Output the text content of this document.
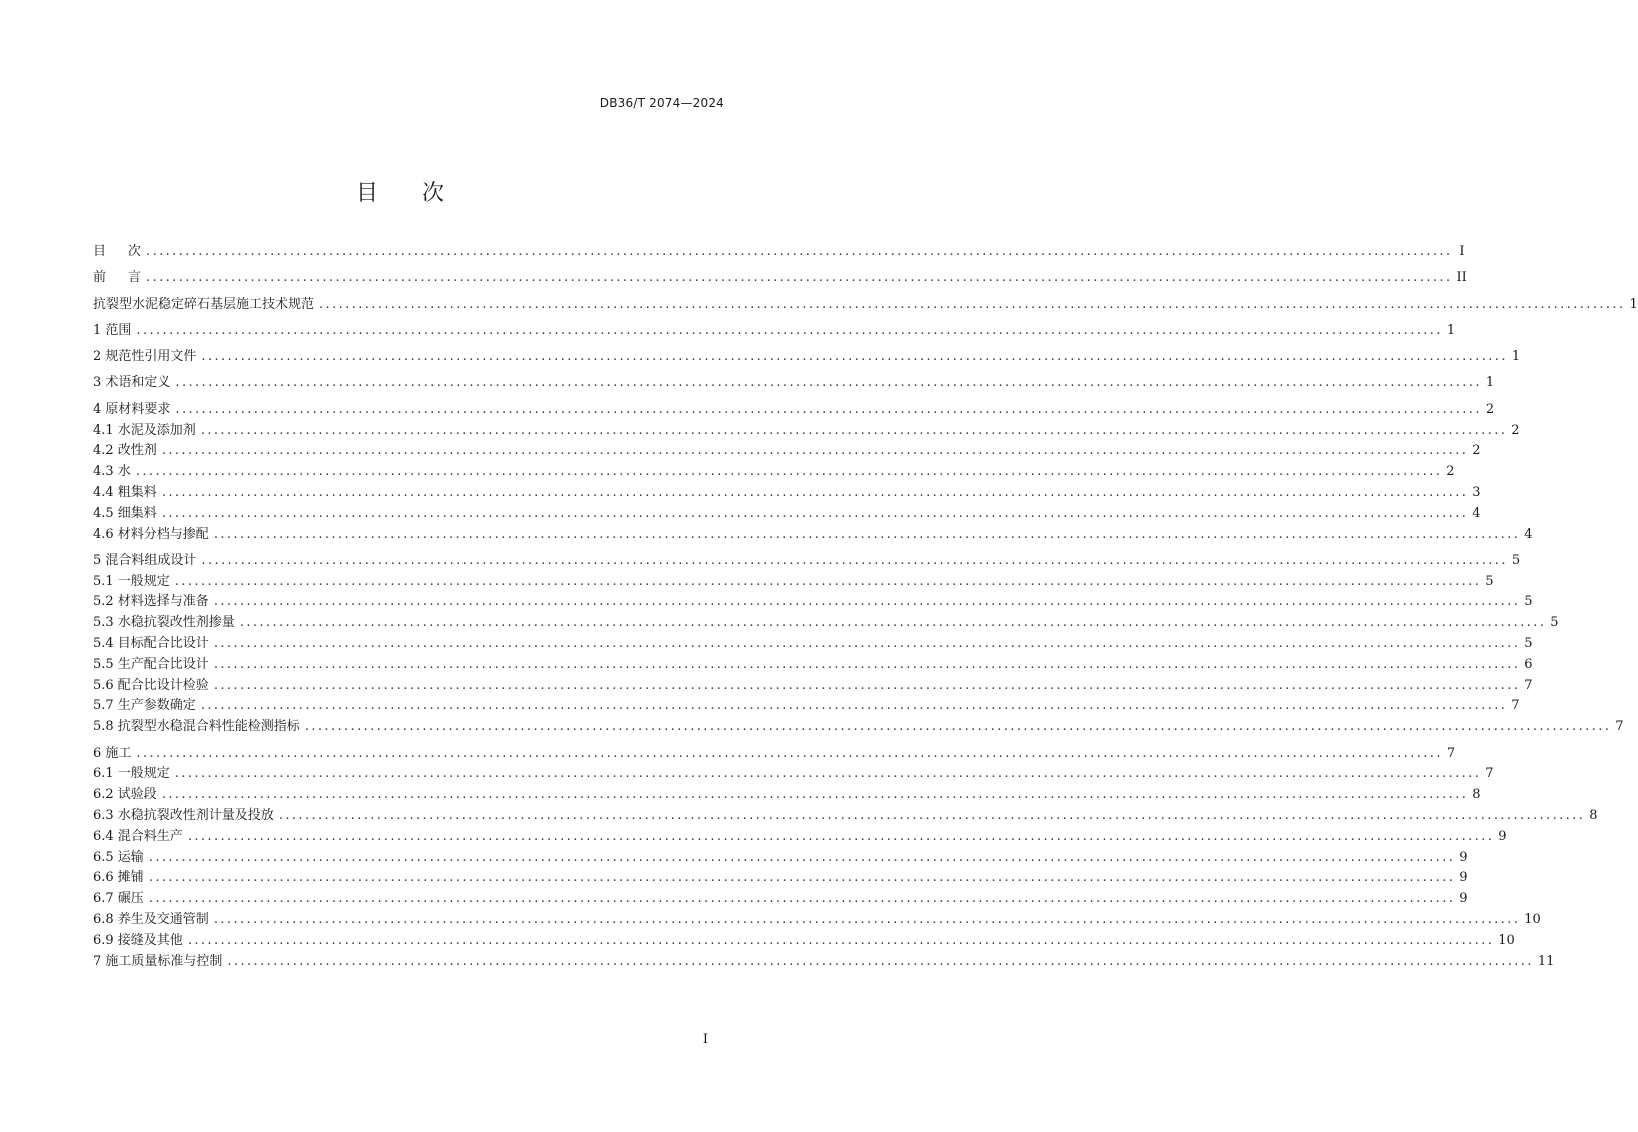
DB36/T 2074—2024
目 次
目 次 ........................................................................................................................................................................................................ I
前 言 ........................................................................................................................................................................................................ II
抗裂型水泥稳定碎石基层施工技术规范 ........................................................................................................................................................................................................ 1
1 范围 ........................................................................................................................................................................................................ 1
2 规范性引用文件 ........................................................................................................................................................................................................ 1
3 术语和定义 ........................................................................................................................................................................................................ 1
4 原材料要求 ........................................................................................................................................................................................................ 2
4.1 水泥及添加剂 ........................................................................................................................................................................................................ 2
4.2 改性剂 ........................................................................................................................................................................................................ 2
4.3 水 ........................................................................................................................................................................................................ 2
4.4 粗集料 ........................................................................................................................................................................................................ 3
4.5 细集料 ........................................................................................................................................................................................................ 4
4.6 材料分档与掺配 ........................................................................................................................................................................................................ 4
5 混合料组成设计 ........................................................................................................................................................................................................ 5
5.1 一般规定 ........................................................................................................................................................................................................ 5
5.2 材料选择与准备 ........................................................................................................................................................................................................ 5
5.3 水稳抗裂改性剂掺量 ........................................................................................................................................................................................................ 5
5.4 目标配合比设计 ........................................................................................................................................................................................................ 5
5.5 生产配合比设计 ........................................................................................................................................................................................................ 6
5.6 配合比设计检验 ........................................................................................................................................................................................................ 7
5.7 生产参数确定 ........................................................................................................................................................................................................ 7
5.8 抗裂型水稳混合料性能检测指标 ........................................................................................................................................................................................................ 7
6 施工 ........................................................................................................................................................................................................ 7
6.1 一般规定 ........................................................................................................................................................................................................ 7
6.2 试验段 ........................................................................................................................................................................................................ 8
6.3 水稳抗裂改性剂计量及投放 ........................................................................................................................................................................................................ 8
6.4 混合料生产 ........................................................................................................................................................................................................ 9
6.5 运输 ........................................................................................................................................................................................................ 9
6.6 摊铺 ........................................................................................................................................................................................................ 9
6.7 碾压 ........................................................................................................................................................................................................ 9
6.8 养生及交通管制 ........................................................................................................................................................................................................ 10
6.9 接缝及其他 ........................................................................................................................................................................................................ 10
7 施工质量标准与控制 ........................................................................................................................................................................................................ 11
I
